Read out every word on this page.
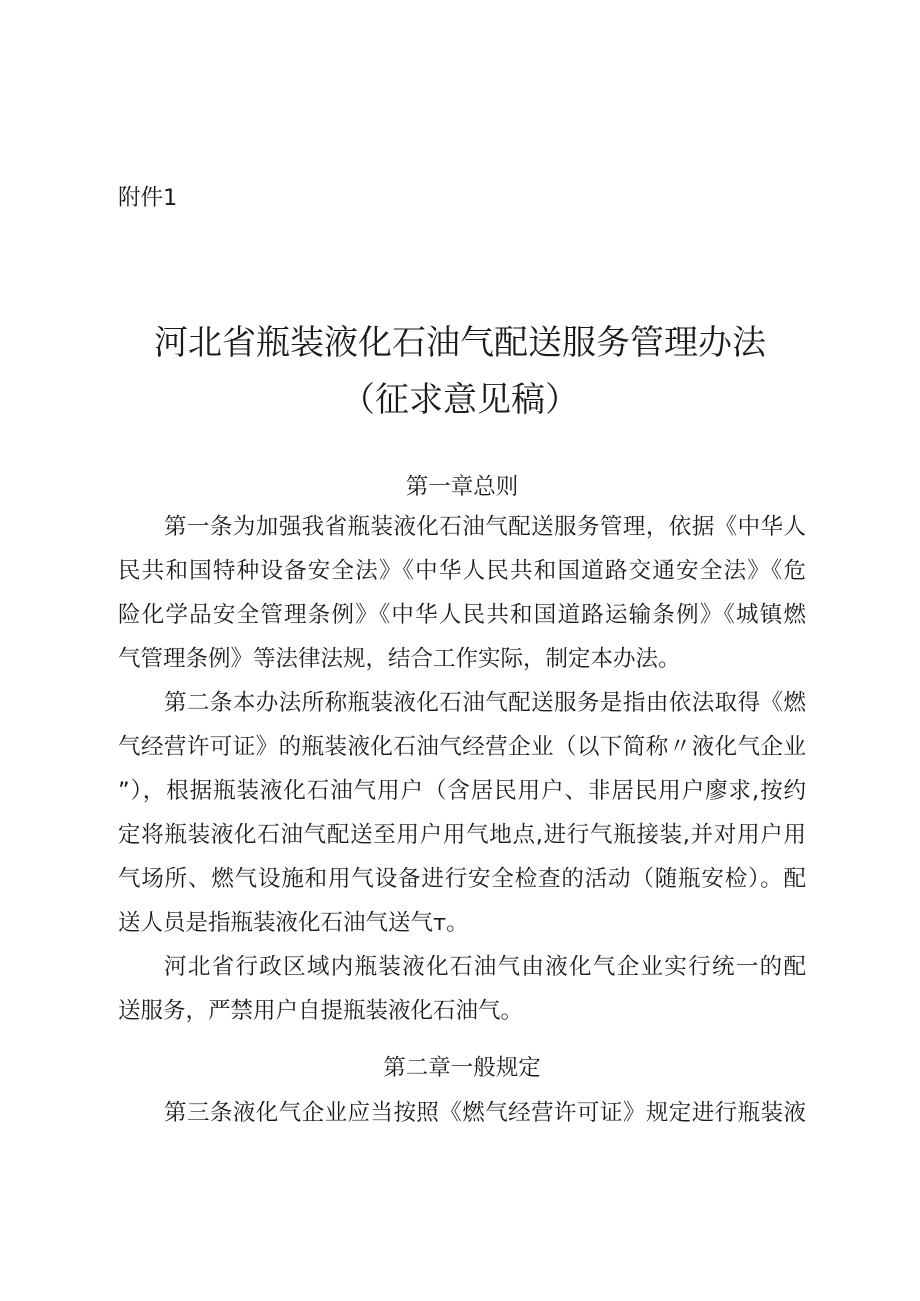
附件1
河北省瓶装液化石油气配送服务管理办法
（征求意见稿）
第一章总则
第一条为加强我省瓶装液化石油气配送服务管理，依据《中华人
民共和国特种设备安全法》《中华人民共和国道路交通安全法》《危
险化学品安全管理条例》《中华人民共和国道路运输条例》《城镇燃
气管理条例》等法律法规，结合工作实际，制定本办法。
第二条本办法所称瓶装液化石油气配送服务是指由依法取得《燃
气经营许可证》的瓶装液化石油气经营企业（以下简称〃液化气企业
”），根据瓶装液化石油气用户（含居民用户、非居民用户廖求,按约
定将瓶装液化石油气配送至用户用气地点,进行气瓶接装,并对用户用
气场所、燃气设施和用气设备进行安全检查的活动（随瓶安检）。配
送人员是指瓶装液化石油气送气т。
河北省行政区域内瓶装液化石油气由液化气企业实行统一的配
送服务，严禁用户自提瓶装液化石油气。
第二章一般规定
第三条液化气企业应当按照《燃气经营许可证》规定进行瓶装液
